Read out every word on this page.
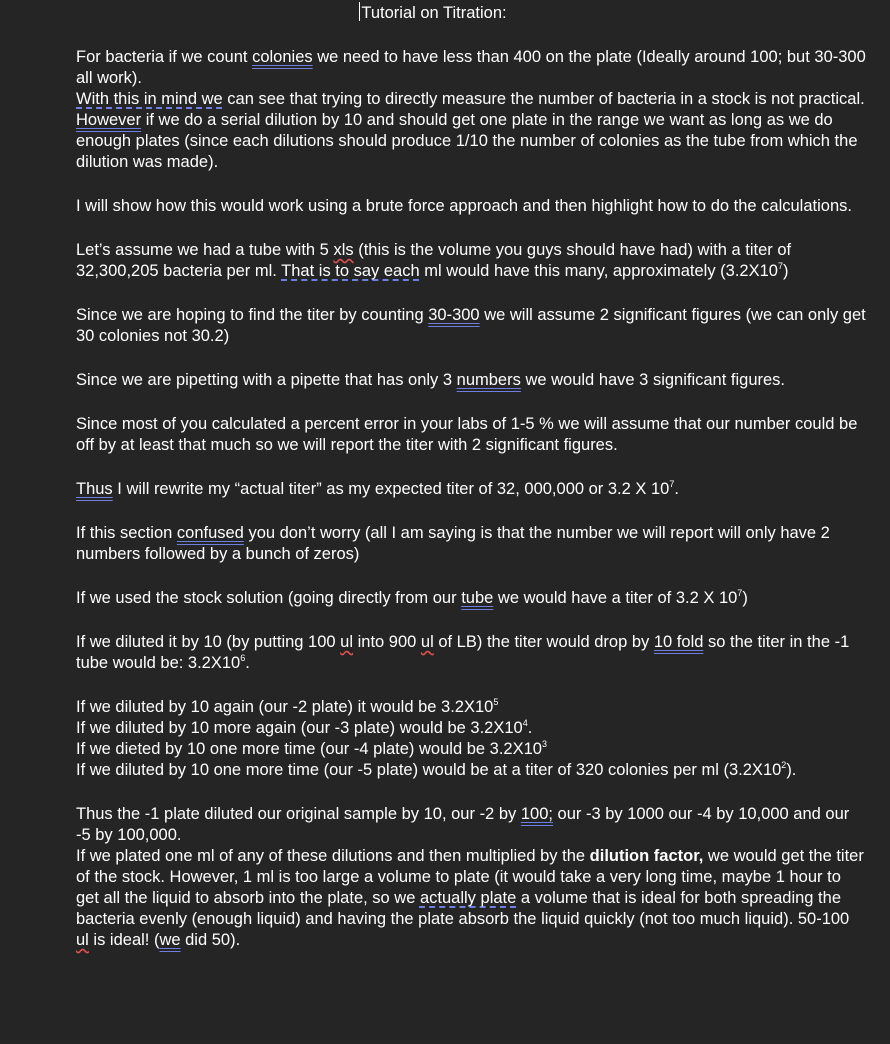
Tutorial on Titration:

For bacteria if we count colonies we need to have less than 400 on the plate (Ideally around 100; but 30-300 all work).

With this in mind we can see that trying to directly measure the number of bacteria in a stock is not practical. However if we do a serial dilution by 10 and should get one plate in the range we want as long as we do enough plates (since each dilutions should produce 1/10 the number of colonies as the tube from which the dilution was made).

I will show how this would work using a brute force approach and then highlight how to do the calculations.

Let’s assume we had a tube with 5 xls (this is the volume you guys should have had) with a titer of 32,300,205 bacteria per ml. That is to say each ml would have this many, approximately $(3.2X10^7)$

Since we are hoping to find the titer by counting 30-300 we will assume 2 significant figures (we can only get 30 colonies not 30.2)

Since we are pipetting with a pipette that has only 3 numbers we would have 3 significant figures.

Since most of you calculated a percent error in your labs of 1-5 % we will assume that our number could be off by at least that much so we will report the titer with 2 significant figures.

Thus I will rewrite my “actual titer” as my expected titer of 32, 000,000 or 3.2 X $10^7$.

If this section confused you don’t worry (all I am saying is that the number we will report will only have 2 numbers followed by a bunch of zeros)

If we used the stock solution (going directly from our tube we would have a titer of 3.2 X $10^7$)

If we diluted it by 10 (by putting 100 ul into 900 ul of LB) the titer would drop by 10 fold so the titer in the -1 tube would be: $3.2X10^6$.

If we diluted by 10 again (our -2 plate) it would be $3.2X10^5$

If we diluted by 10 more again (our -3 plate) would be $3.2X10^4$.

If we dieted by 10 one more time (our -4 plate) would be $3.2X10^3$

If we diluted by 10 one more time (our -5 plate) would be at a titer of 320 colonies per ml $(3.2X10^2)$.

Thus the -1 plate diluted our original sample by 10, our -2 by 100; our -3 by 1000 our -4 by 10,000 and our -5 by 100,000.

If we plated one ml of any of these dilutions and then multiplied by the dilution factor, we would get the titer of the stock. However, 1 ml is too large a volume to plate (it would take a very long time, maybe 1 hour to get all the liquid to absorb into the plate, so we actually plate a volume that is ideal for both spreading the bacteria evenly (enough liquid) and having the plate absorb the liquid quickly (not too much liquid). 50-100 ul is ideal! (we did 50).
